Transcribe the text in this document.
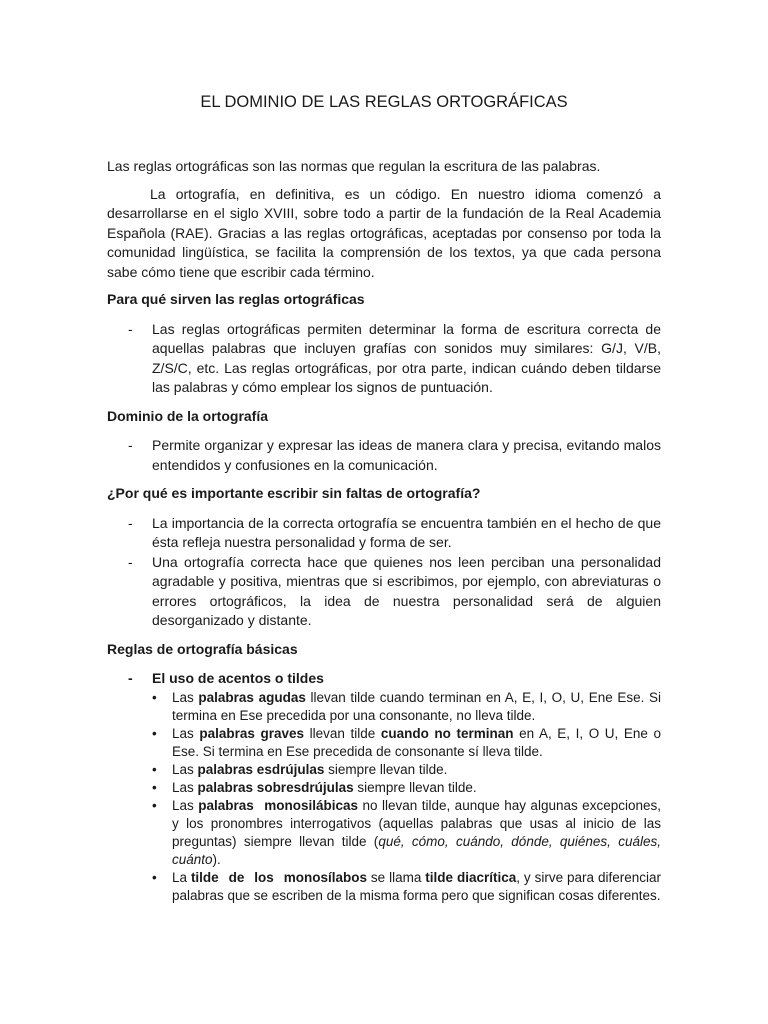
EL DOMINIO DE LAS REGLAS ORTOGRÁFICAS

Las reglas ortográficas son las normas que regulan la escritura de las palabras.

La ortografía, en definitiva, es un código. En nuestro idioma comenzó a desarrollarse en el siglo XVIII, sobre todo a partir de la fundación de la Real Academia Española (RAE). Gracias a las reglas ortográficas, aceptadas por consenso por toda la comunidad lingüística, se facilita la comprensión de los textos, ya que cada persona sabe cómo tiene que escribir cada término.

Para qué sirven las reglas ortográficas

- Las reglas ortográficas permiten determinar la forma de escritura correcta de aquellas palabras que incluyen grafías con sonidos muy similares: G/J, V/B, Z/S/C, etc. Las reglas ortográficas, por otra parte, indican cuándo deben tildarse las palabras y cómo emplear los signos de puntuación.

Dominio de la ortografía

- Permite organizar y expresar las ideas de manera clara y precisa, evitando malos entendidos y confusiones en la comunicación.

¿Por qué es importante escribir sin faltas de ortografía?

- La importancia de la correcta ortografía se encuentra también en el hecho de que ésta refleja nuestra personalidad y forma de ser.
- Una ortografía correcta hace que quienes nos leen perciban una personalidad agradable y positiva, mientras que si escribimos, por ejemplo, con abreviaturas o errores ortográficos, la idea de nuestra personalidad será de alguien desorganizado y distante.

Reglas de ortografía básicas

- El uso de acentos o tildes
• Las palabras agudas llevan tilde cuando terminan en A, E, I, O, U, Ene Ese. Si termina en Ese precedida por una consonante, no lleva tilde.
• Las palabras graves llevan tilde cuando no terminan en A, E, I, O U, Ene o Ese. Si termina en Ese precedida de consonante sí lleva tilde.
• Las palabras esdrújulas siempre llevan tilde.
• Las palabras sobresdrújulas siempre llevan tilde.
• Las palabras monosilábicas no llevan tilde, aunque hay algunas excepciones, y los pronombres interrogativos (aquellas palabras que usas al inicio de las preguntas) siempre llevan tilde (qué, cómo, cuándo, dónde, quiénes, cuáles, cuánto).
• La tilde de los monosílabos se llama tilde diacrítica, y sirve para diferenciar palabras que se escriben de la misma forma pero que significan cosas diferentes.
